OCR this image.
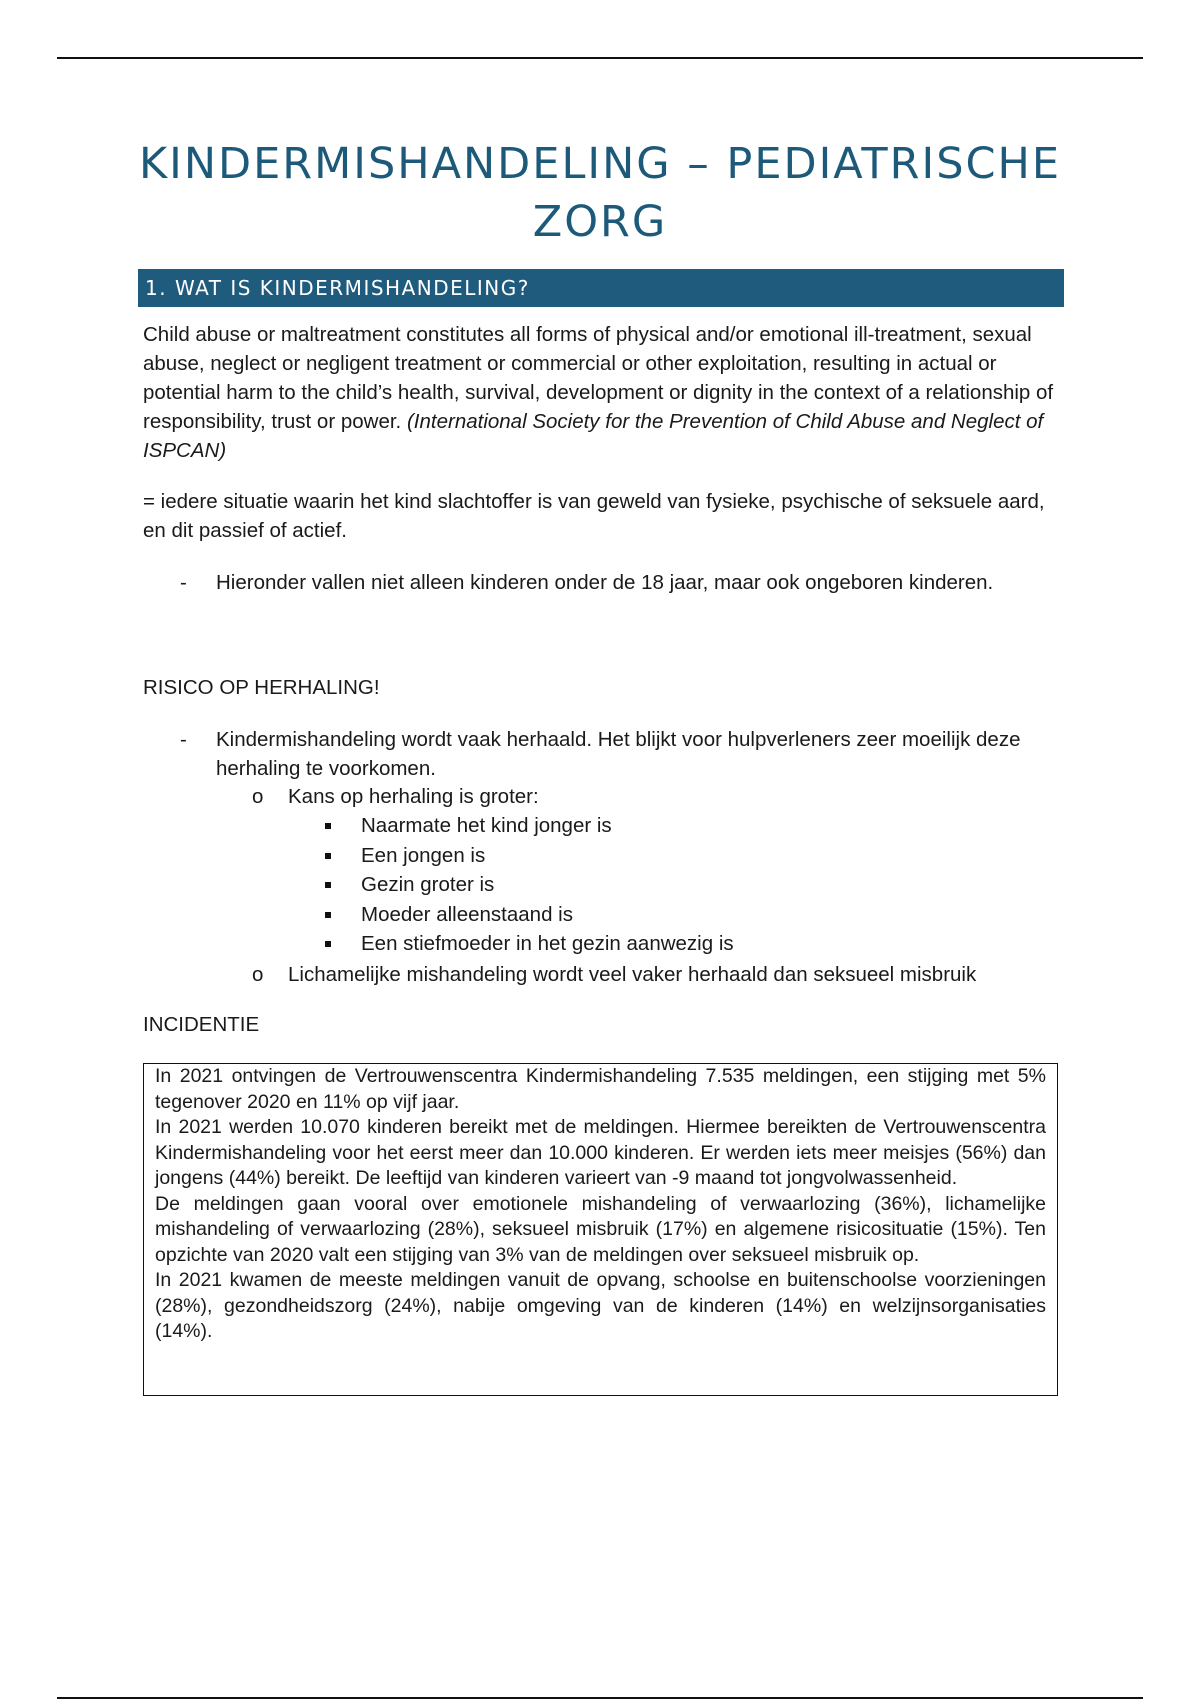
KINDERMISHANDELING – PEDIATRISCHE ZORG
1. WAT IS KINDERMISHANDELING?

Child abuse or maltreatment constitutes all forms of physical and/or emotional ill-treatment, sexual abuse, neglect or negligent treatment or commercial or other exploitation, resulting in actual or potential harm to the child’s health, survival, development or dignity in the context of a relationship of responsibility, trust or power. (International Society for the Prevention of Child Abuse and Neglect of ISPCAN)

= iedere situatie waarin het kind slachtoffer is van geweld van fysieke, psychische of seksuele aard, en dit passief of actief.

- Hieronder vallen niet alleen kinderen onder de 18 jaar, maar ook ongeboren kinderen.

RISICO OP HERHALING!

- Kindermishandeling wordt vaak herhaald. Het blijkt voor hulpverleners zeer moeilijk deze herhaling te voorkomen.
o Kans op herhaling is groter:
Naarmate het kind jonger is
Een jongen is
Gezin groter is
Moeder alleenstaand is
Een stiefmoeder in het gezin aanwezig is
o Lichamelijke mishandeling wordt veel vaker herhaald dan seksueel misbruik

INCIDENTIE

In 2021 ontvingen de Vertrouwenscentra Kindermishandeling 7.535 meldingen, een stijging met 5% tegenover 2020 en 11% op vijf jaar.

In 2021 werden 10.070 kinderen bereikt met de meldingen. Hiermee bereikten de Vertrouwenscentra Kindermishandeling voor het eerst meer dan 10.000 kinderen. Er werden iets meer meisjes (56%) dan jongens (44%) bereikt. De leeftijd van kinderen varieert van -9 maand tot jongvolwassenheid.

De meldingen gaan vooral over emotionele mishandeling of verwaarlozing (36%), lichamelijke mishandeling of verwaarlozing (28%), seksueel misbruik (17%) en algemene risicosituatie (15%). Ten opzichte van 2020 valt een stijging van 3% van de meldingen over seksueel misbruik op.

In 2021 kwamen de meeste meldingen vanuit de opvang, schoolse en buitenschoolse voorzieningen (28%), gezondheidszorg (24%), nabije omgeving van de kinderen (14%) en welzijnsorganisaties (14%).
